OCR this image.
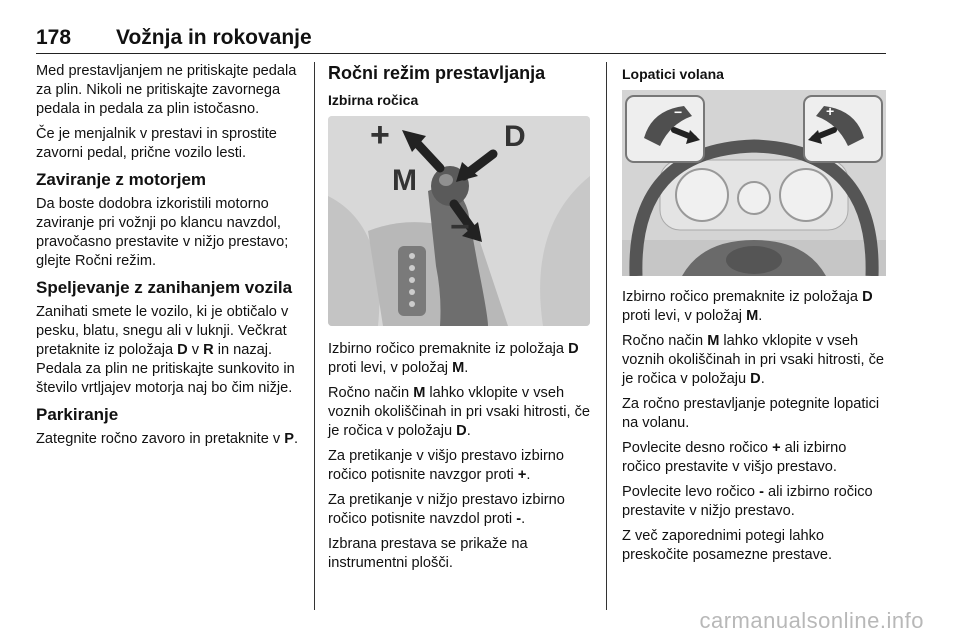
178 Vožnja in rokovanje

Med prestavljanjem ne pritiskajte pedala za plin. Nikoli ne pritiskajte zavornega pedala in pedala za plin istočasno.

Če je menjalnik v prestavi in sprostite zavorni pedal, prične vozilo lesti.

Zaviranje z motorjem

Da boste dodobra izkoristili motorno zaviranje pri vožnji po klancu navzdol, pravočasno prestavite v nižjo prestavo; glejte Ročni režim.

Speljevanje z zanihanjem vozila

Zanihati smete le vozilo, ki je obtičalo v pesku, blatu, snegu ali v luknji. Večkrat pretaknite iz položaja D v R in nazaj. Pedala za plin ne pritiskajte sunkovito in število vrtljajev motorja naj bo čim nižje.

Parkiranje

Zategnite ročno zavoro in pretaknite v P.

Ročni režim prestavljanja
Izbirna ročica
+	D
M
−

Izbirno ročico premaknite iz položaja D proti levi, v položaj M.

Ročno način M lahko vklopite v vseh voznih okoliščinah in pri vsaki hitrosti, če je ročica v položaju D.

Za pretikanje v višjo prestavo izbirno ročico potisnite navzgor proti +.

Za pretikanje v nižjo prestavo izbirno ročico potisnite navzdol proti -.

Izbrana prestava se prikaže na instrumentni plošči.

Lopatici volana
−	+

Izbirno ročico premaknite iz položaja D proti levi, v položaj M.

Ročno način M lahko vklopite v vseh voznih okoliščinah in pri vsaki hitrosti, če je ročica v položaju D.

Za ročno prestavljanje potegnite lopatici na volanu.

Povlecite desno ročico + ali izbirno ročico prestavite v višjo prestavo.

Povlecite levo ročico - ali izbirno ročico prestavite v nižjo prestavo.

Z več zaporednimi potegi lahko preskočite posamezne prestave.

carmanualsonline.info
